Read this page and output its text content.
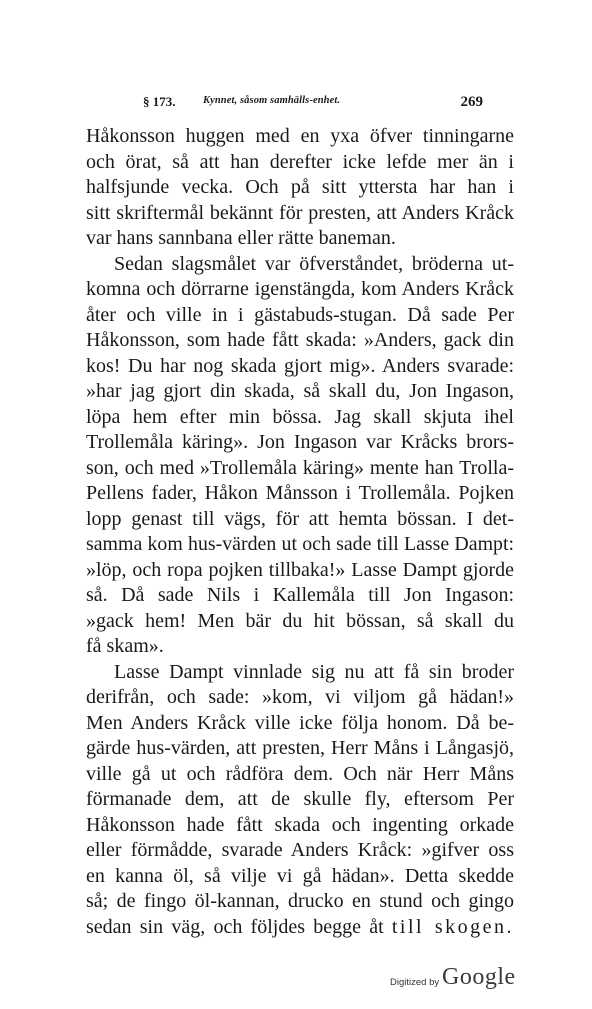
§ 173.	Kynnet, såsom samhälls-enhet.	269
Håkonsson huggen med en yxa öfver tinningarne
och örat, så att han derefter icke lefde mer än i
halfsjunde vecka. Och på sitt yttersta har han i
sitt skriftermål bekännt för presten, att Anders Kråck
var hans sannbana eller rätte baneman.
Sedan slagsmålet var öfverståndet, bröderna ut-
komna och dörrarne igenstängda, kom Anders Kråck
åter och ville in i gästabuds-stugan. Då sade Per
Håkonsson, som hade fått skada: »Anders, gack din
kos! Du har nog skada gjort mig». Anders svarade:
»har jag gjort din skada, så skall du, Jon Ingason,
löpa hem efter min bössa. Jag skall skjuta ihel
Trollemåla käring». Jon Ingason var Kråcks brors-
son, och med »Trollemåla käring» mente han Trolla-
Pellens fader, Håkon Månsson i Trollemåla. Pojken
lopp genast till vägs, för att hemta bössan. I det-
samma kom hus-värden ut och sade till Lasse Dampt:
»löp, och ropa pojken tillbaka!» Lasse Dampt gjorde
så. Då sade Nils i Kallemåla till Jon Ingason:
»gack hem! Men bär du hit bössan, så skall du
få skam».
Lasse Dampt vinnlade sig nu att få sin broder
derifrån, och sade: »kom, vi viljom gå hädan!»
Men Anders Kråck ville icke följa honom. Då be-
gärde hus-värden, att presten, Herr Måns i Långasjö,
ville gå ut och rådföra dem. Och när Herr Måns
förmanade dem, att de skulle fly, eftersom Per
Håkonsson hade fått skada och ingenting orkade
eller förmådde, svarade Anders Kråck: »gifver oss
en kanna öl, så vilje vi gå hädan». Detta skedde
så; de fingo öl-kannan, drucko en stund och gingo
sedan sin väg, och följdes begge åt till skogen.
Digitized by Google
